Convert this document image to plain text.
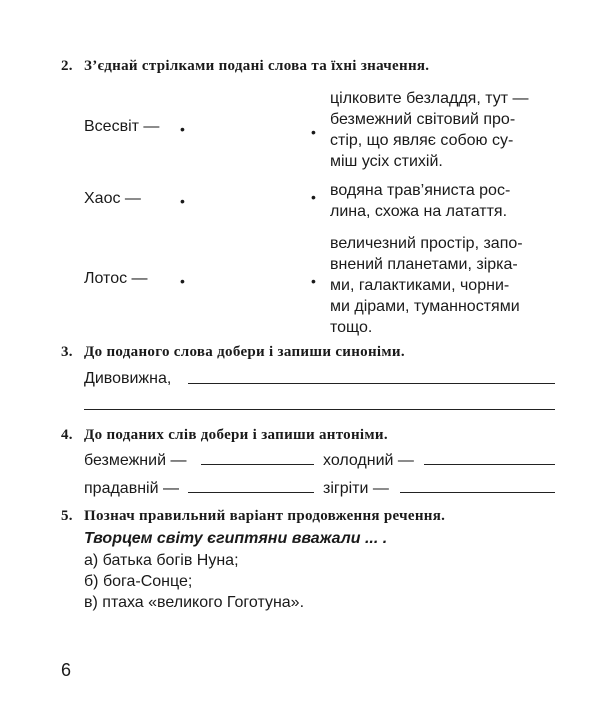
2. З’єднай стрілками подані слова та їхні значення.
Всесвіт —
Хаос —
Лотос —
•
•
•
•
•
•
цілковите безладдя, тут —
безмежний світовий про-
стір, що являє собою су-
міш усіх стихій.
водяна трав’яниста рос-
лина, схожа на латаття.
величезний простір, запо-
внений планетами, зірка-
ми, галактиками, чорни-
ми дірами, туманностями
тощо.
3. До поданого слова добери і запиши синоніми.
Дивовижна,
4. До поданих слів добери і запиши антоніми.
безмежний —	холодний —
прадавній —	зігріти —
5. Познач правильний варіант продовження речення.
Творцем світу єгиптяни вважали ... .
а) батька богів Нуна;
б) бога-Сонце;
в) птаха «великого Гоготуна».
6
